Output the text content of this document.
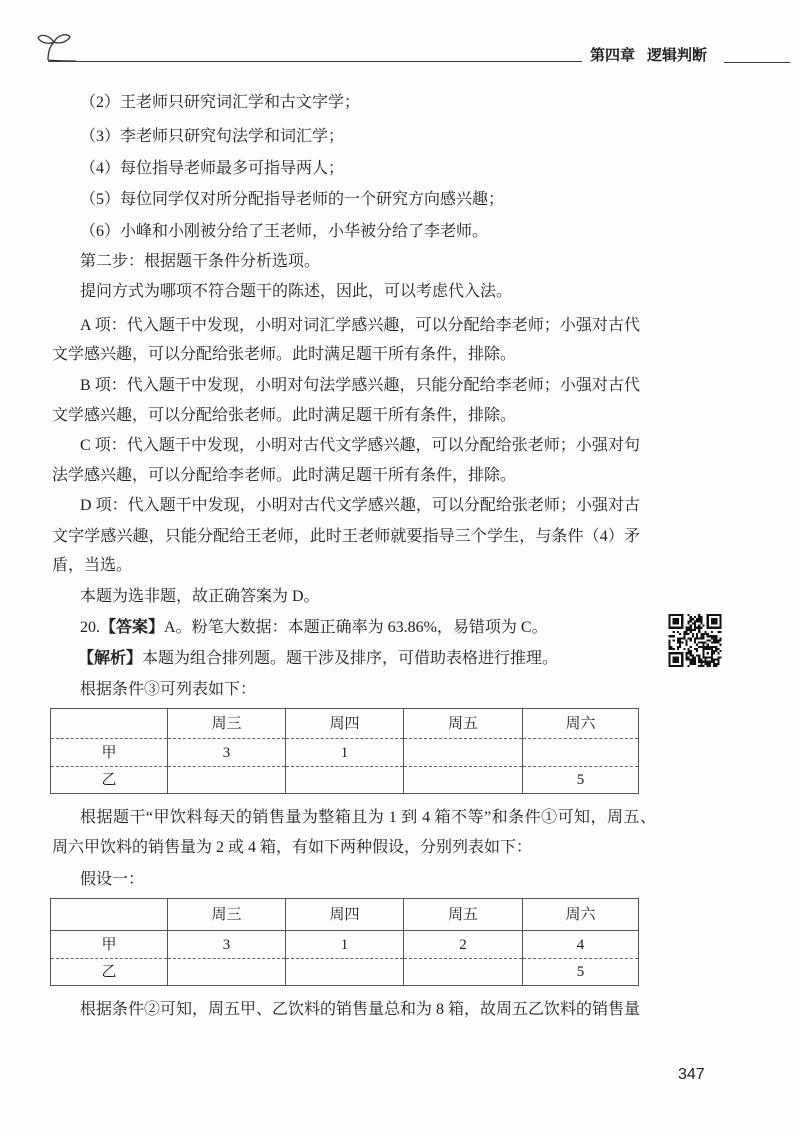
第四章 逻辑判断
（2）王老师只研究词汇学和古文字学；
（3）李老师只研究句法学和词汇学；
（4）每位指导老师最多可指导两人；
（5）每位同学仅对所分配指导老师的一个研究方向感兴趣；
（6）小峰和小刚被分给了王老师，小华被分给了李老师。
第二步：根据题干条件分析选项。
提问方式为哪项不符合题干的陈述，因此，可以考虑代入法。
A 项：代入题干中发现，小明对词汇学感兴趣，可以分配给李老师；小强对古代
文学感兴趣，可以分配给张老师。此时满足题干所有条件，排除。
B 项：代入题干中发现，小明对句法学感兴趣，只能分配给李老师；小强对古代
文学感兴趣，可以分配给张老师。此时满足题干所有条件，排除。
C 项：代入题干中发现，小明对古代文学感兴趣，可以分配给张老师；小强对句
法学感兴趣，可以分配给李老师。此时满足题干所有条件，排除。
D 项：代入题干中发现，小明对古代文学感兴趣，可以分配给张老师；小强对古
文字学感兴趣，只能分配给王老师，此时王老师就要指导三个学生，与条件（4）矛
盾，当选。
本题为选非题，故正确答案为 D。
20.【答案】A。粉笔大数据：本题正确率为 63.86%，易错项为 C。
【解析】本题为组合排列题。题干涉及排序，可借助表格进行推理。
根据条件③可列表如下：
	周三	周四	周五	周六
甲	3	1		
乙				5
根据题干“甲饮料每天的销售量为整箱且为 1 到 4 箱不等”和条件①可知，周五、
周六甲饮料的销售量为 2 或 4 箱，有如下两种假设，分别列表如下：
假设一：
	周三	周四	周五	周六
甲	3	1	2	4
乙				5
根据条件②可知，周五甲、乙饮料的销售量总和为 8 箱，故周五乙饮料的销售量
347
